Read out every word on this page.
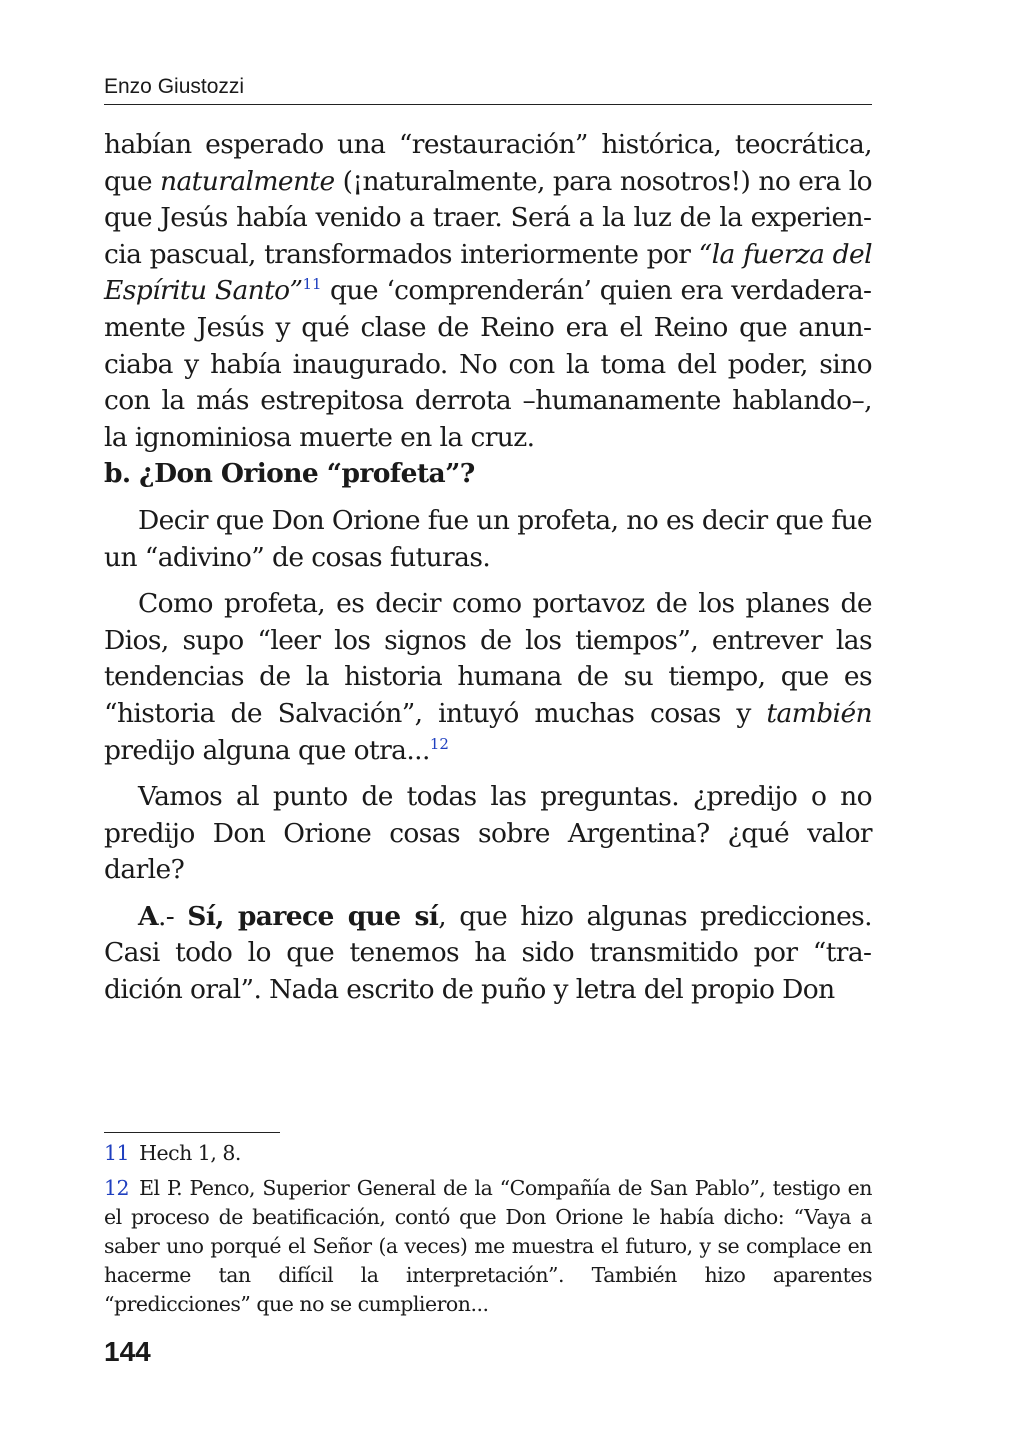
Enzo Giustozzi

habían esperado una “restauración” histórica, teocrática, que naturalmente (¡naturalmente, para nosotros!) no era lo que Jesús había venido a traer. Será a la luz de la experiencia pascual, transformados interiormente por “la fuerza del Espíritu Santo”$^{11}$ que ‘comprenderán’ quien era verdaderamente Jesús y qué clase de Reino era el Reino que anunciaba y había inaugurado. No con la toma del poder, sino con la más estrepitosa derrota –humanamente hablando–, la ignominiosa muerte en la cruz.

b. ¿Don Orione “profeta”?

Decir que Don Orione fue un profeta, no es decir que fue un “adivino” de cosas futuras.

Como profeta, es decir como portavoz de los planes de Dios, supo “leer los signos de los tiempos”, entrever las tendencias de la historia humana de su tiempo, que es “historia de Salvación”, intuyó muchas cosas y también predijo alguna que otra...$^{12}$

Vamos al punto de todas las preguntas. ¿predijo o no predijo Don Orione cosas sobre Argentina? ¿qué valor darle?

A.- Sí, parece que sí, que hizo algunas predicciones. Casi todo lo que tenemos ha sido transmitido por “tradición oral”. Nada escrito de puño y letra del propio Don

11 Hech 1, 8.

12 El P. Penco, Superior General de la “Compañía de San Pablo”, testigo en el proceso de beatificación, contó que Don Orione le había dicho: “Vaya a saber uno porqué el Señor (a veces) me muestra el futuro, y se complace en hacerme tan difícil la interpretación”. También hizo aparentes “predicciones” que no se cumplieron...

144
